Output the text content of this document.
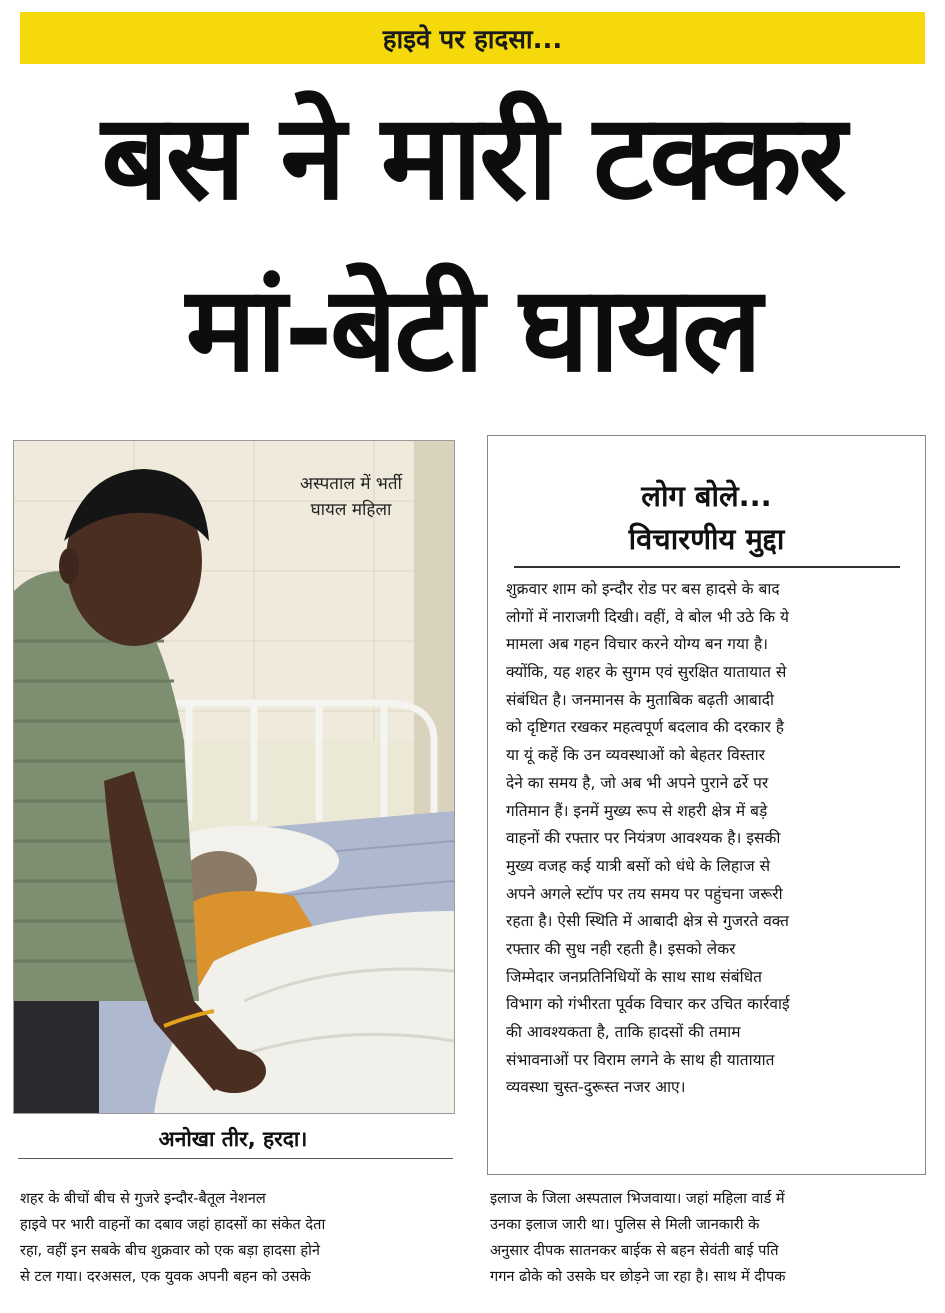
हाइवे पर हादसा...
बस ने मारी टक्कर
मां-बेटी घायल
अस्पताल में भर्ती
घायल महिला
अनोखा तीर, हरदा।
लोग बोले...
विचारणीय मुद्दा
शुक्रवार शाम को इन्दौर रोड पर बस हादसे के बाद
लोगों में नाराजगी दिखी। वहीं, वे बोल भी उठे कि ये
मामला अब गहन विचार करने योग्य बन गया है।
क्योंकि, यह शहर के सुगम एवं सुरक्षित यातायात से
संबंधित है। जनमानस के मुताबिक बढ़ती आबादी
को दृष्टिगत रखकर महत्वपूर्ण बदलाव की दरकार है
या यूं कहें कि उन व्यवस्थाओं को बेहतर विस्तार
देने का समय है, जो अब भी अपने पुराने ढर्रे पर
गतिमान हैं। इनमें मुख्य रूप से शहरी क्षेत्र में बड़े
वाहनों की रफ्तार पर नियंत्रण आवश्यक है। इसकी
मुख्य वजह कई यात्री बसों को धंधे के लिहाज से
अपने अगले स्टॉप पर तय समय पर पहुंचना जरूरी
रहता है। ऐसी स्थिति में आबादी क्षेत्र से गुजरते वक्त
रफ्तार की सुध नही रहती है। इसको लेकर
जिम्मेदार जनप्रतिनिधियों के साथ साथ संबंधित
विभाग को गंभीरता पूर्वक विचार कर उचित कार्रवाई
की आवश्यकता है, ताकि हादसों की तमाम
संभावनाओं पर विराम लगने के साथ ही यातायात
व्यवस्था चुस्त-दुरूस्त नजर आए।
शहर के बीचों बीच से गुजरे इन्दौर-बैतूल नेशनल
हाइवे पर भारी वाहनों का दबाव जहां हादसों का संकेत देता
रहा, वहीं इन सबके बीच शुक्रवार को एक बड़ा हादसा होने
से टल गया। दरअसल, एक युवक अपनी बहन को उसके
इलाज के जिला अस्पताल भिजवाया। जहां महिला वार्ड में
उनका इलाज जारी था। पुलिस से मिली जानकारी के
अनुसार दीपक सातनकर बाईक से बहन सेवंती बाई पति
गगन ढोके को उसके घर छोड़ने जा रहा है। साथ में दीपक
